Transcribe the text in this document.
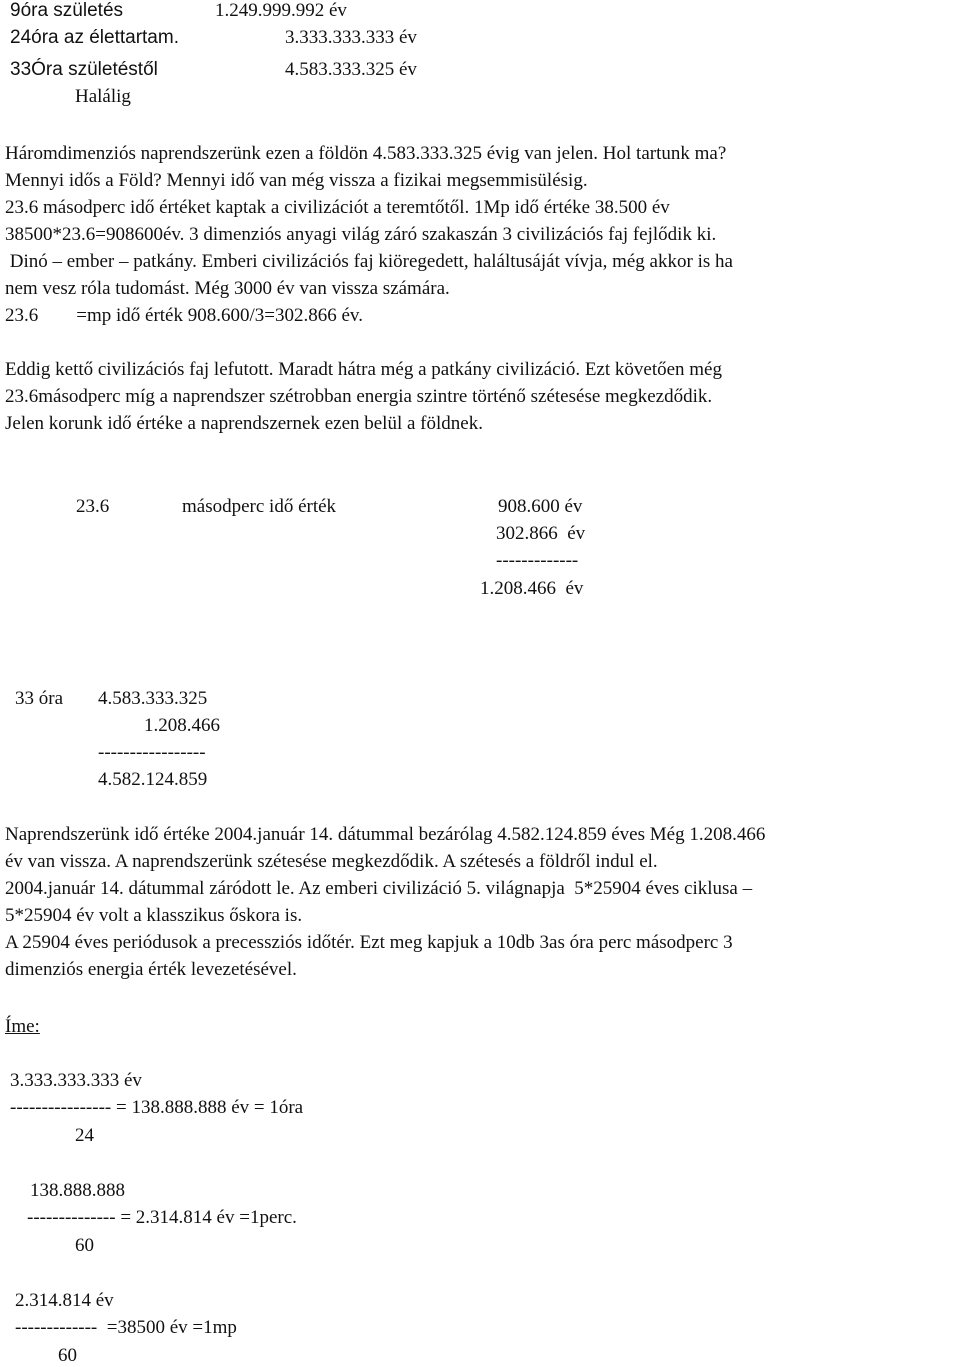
9óra születés	1.249.999.992 év
24óra az élettartam.	3.333.333.333 év
33Óra születéstől	4.583.333.325 év
Halálig
Háromdimenziós naprendszerünk ezen a földön 4.583.333.325 évig van jelen. Hol tartunk ma?
Mennyi idős a Föld? Mennyi idő van még vissza a fizikai megsemmisülésig.
23.6 másodperc idő értéket kaptak a civilizációt a teremtőtől. 1Mp idő értéke 38.500 év
38500*23.6=908600év. 3 dimenziós anyagi világ záró szakaszán 3 civilizációs faj fejlődik ki.
Dinó – ember – patkány. Emberi civilizációs faj kiöregedett, haláltusáját vívja, még akkor is ha
nem vesz róla tudomást. Még 3000 év van vissza számára.
23.6        =mp idő érték 908.600/3=302.866 év.
Eddig kettő civilizációs faj lefutott. Maradt hátra még a patkány civilizáció. Ezt követően még
23.6másodperc míg a naprendszer szétrobban energia szintre történő szétesése megkezdődik.
Jelen korunk idő értéke a naprendszernek ezen belül a földnek.
23.6	másodperc idő érték	908.600 év
302.866  év
-------------
1.208.466  év
33 óra 4.583.333.325
1.208.466
-----------------
4.582.124.859
Naprendszerünk idő értéke 2004.január 14. dátummal bezárólag 4.582.124.859 éves Még 1.208.466
év van vissza. A naprendszerünk szétesése megkezdődik. A szétesés a földről indul el.
2004.január 14. dátummal záródott le. Az emberi civilizáció 5. világnapja  5*25904 éves ciklusa –
5*25904 év volt a klasszikus őskora is.
A 25904 éves periódusok a precessziós időtér. Ezt meg kapjuk a 10db 3as óra perc másodperc 3
dimenziós energia érték levezetésével.
Íme:
3.333.333.333 év
---------------- = 138.888.888 év = 1óra
24
138.888.888
-------------- = 2.314.814 év =1perc.
60
2.314.814 év
-------------  =38500 év =1mp
60
